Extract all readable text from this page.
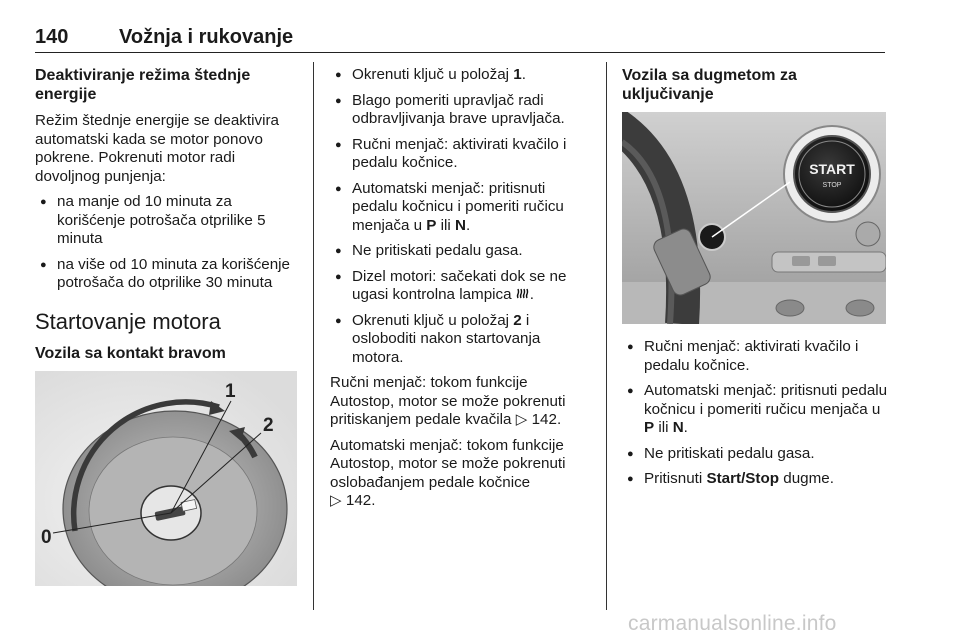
140	Vožnja i rukovanje
Deaktiviranje režima štednje energije

Režim štednje energije se deaktivira automatski kada se motor ponovo pokrene. Pokrenuti motor radi dovoljnog punjenja:

● na manje od 10 minuta za korišćenje potrošača otprilike 5 minuta
● na više od 10 minuta za korišćenje potrošača do otprilike 30 minuta
Startovanje motora
Vozila sa kontakt bravom
0
1
2
● Okrenuti ključ u položaj 1.
● Blago pomeriti upravljač radi odbravljivanja brave upravljača.
● Ručni menjač: aktivirati kvačilo i pedalu kočnice.
● Automatski menjač: pritisnuti pedalu kočnicu i pomeriti ručicu menjača u P ili N.
● Ne pritiskati pedalu gasa.
● Dizel motori: sačekati dok se ne ugasi kontrolna lampica .
● Okrenuti ključ u položaj 2 i osloboditi nakon startovanja motora.

Ručni menjač: tokom funkcije Autostop, motor se može pokrenuti pritiskanjem pedale kvačila ▷ 142.

Automatski menjač: tokom funkcije Autostop, motor se može pokrenuti oslobađanjem pedale kočnice
▷ 142.

Vozila sa dugmetom za uključivanje
START
STOP
● Ručni menjač: aktivirati kvačilo i pedalu kočnice.
● Automatski menjač: pritisnuti pedalu kočnicu i pomeriti ručicu menjača u P ili N.
● Ne pritiskati pedalu gasa.
● Pritisnuti Start/Stop dugme.
carmanualsonline.info
